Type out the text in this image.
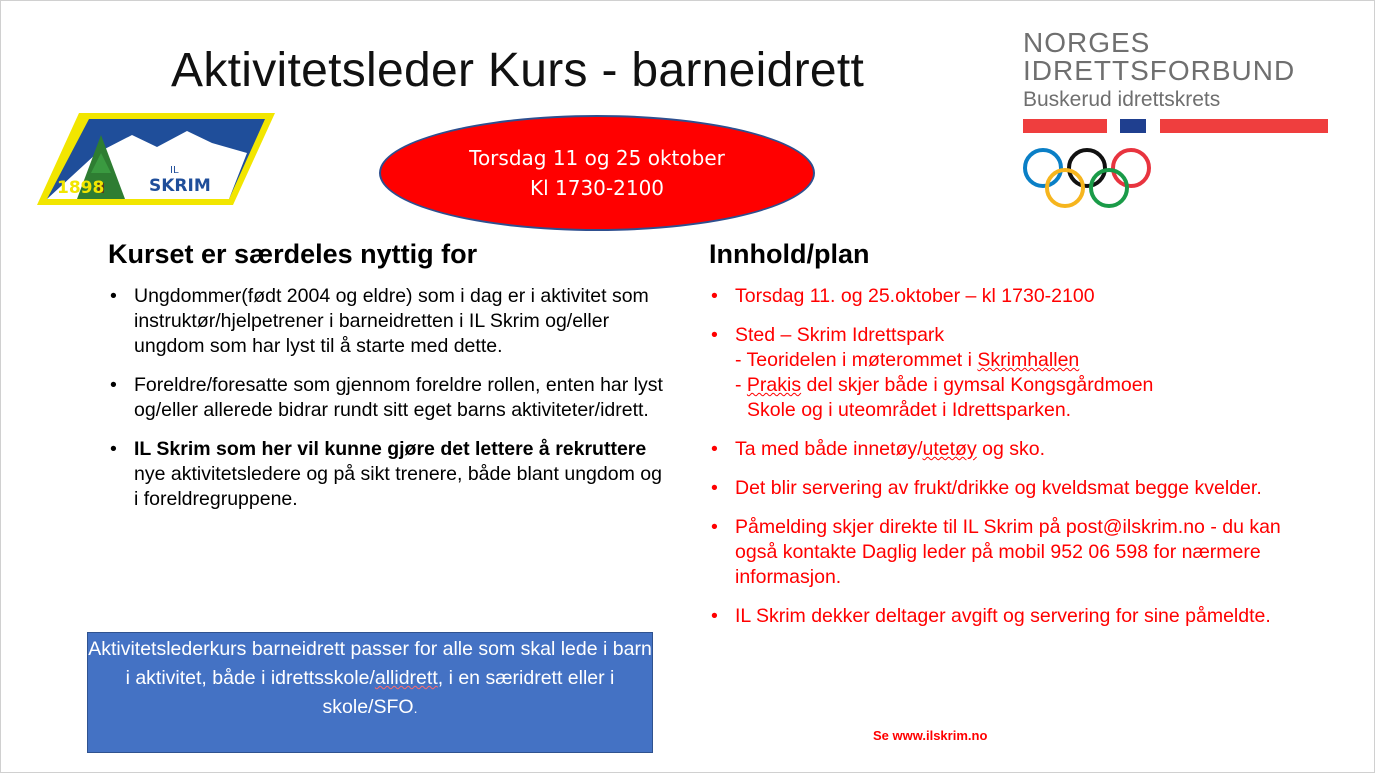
Aktivitetsleder Kurs - barneidrett
1898
IL
SKRIM
Torsdag 11 og 25 oktober
Kl 1730-2100
NORGES
IDRETTSFORBUND
Buskerud idrettskrets
Kurset er særdeles nyttig for
• Ungdommer(født 2004 og eldre) som i dag er i aktivitet som instruktør/hjelpetrener i barneidretten i IL Skrim og/eller ungdom som har lyst til å starte med dette.
• Foreldre/foresatte som gjennom foreldre rollen, enten har lyst og/eller allerede bidrar rundt sitt eget barns aktiviteter/idrett.
• IL Skrim som her vil kunne gjøre det lettere å rekruttere nye aktivitetsledere og på sikt trenere, både blant ungdom og i foreldregruppene.
Innhold/plan
• Torsdag 11. og 25.oktober – kl 1730-2100
• Sted – Skrim Idrettspark
- Teoridelen i møterommet i Skrimhallen
- Prakis del skjer både i gymsal Kongsgårdmoen
Skole og i uteområdet i Idrettsparken.
• Ta med både innetøy/utetøy og sko.
• Det blir servering av frukt/drikke og kveldsmat begge kvelder.
• Påmelding skjer direkte til IL Skrim på post@ilskrim.no - du kan også kontakte Daglig leder på mobil 952 06 598 for nærmere informasjon.
• IL Skrim dekker deltager avgift og servering for sine påmeldte.
Aktivitetslederkurs barneidrett passer for alle som skal lede i barn i aktivitet, både i idrettsskole/allidrett, i en særidrett eller i skole/SFO.
Se www.ilskrim.no
